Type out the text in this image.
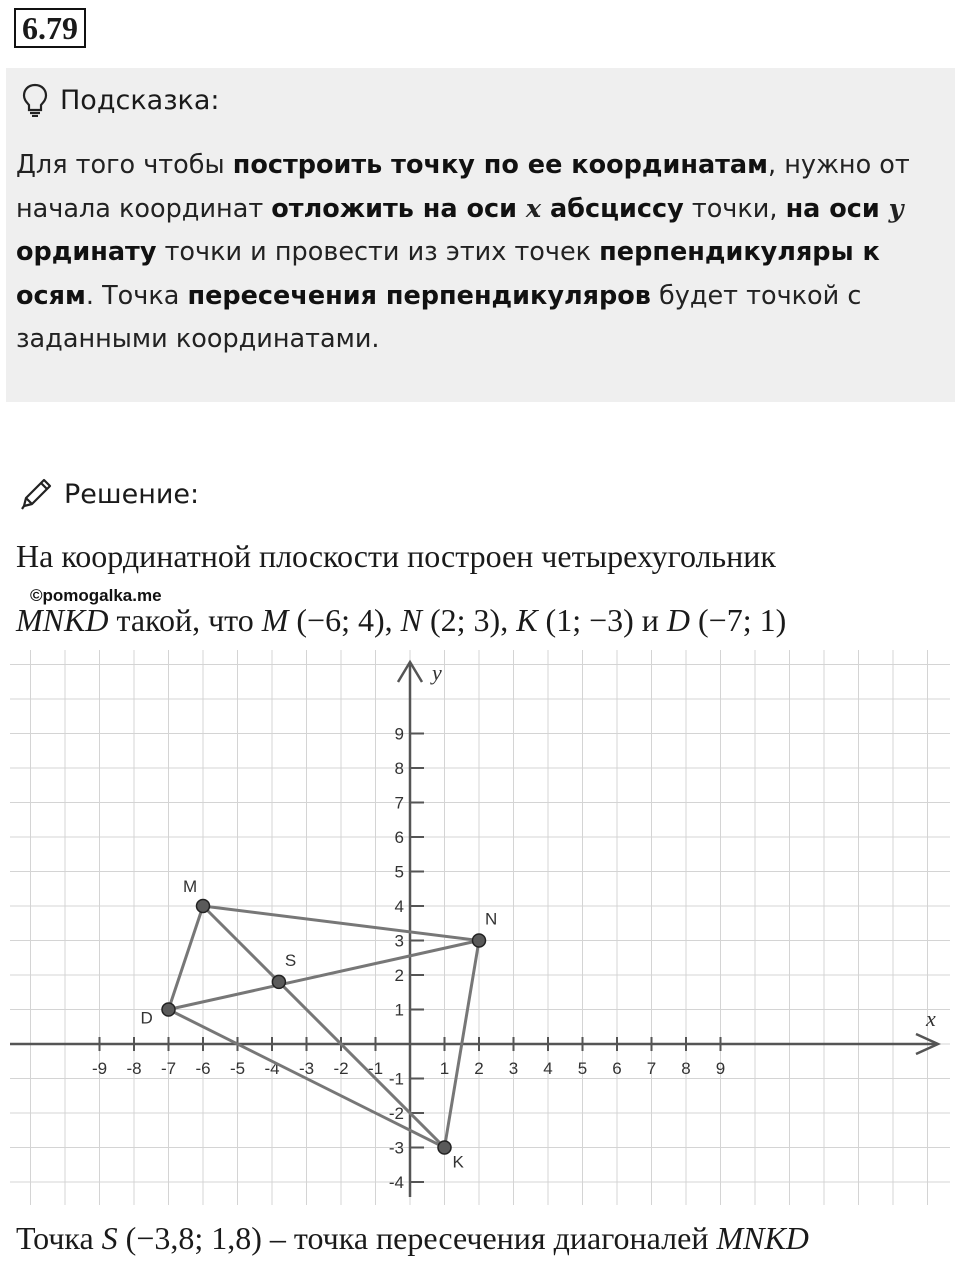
6.79
Подсказка:
Для того чтобы построить точку по ее координатам, нужно от начала координат отложить на оси x абсциссу точки, на оси y ординату точки и провести из этих точек перпендикуляры к осям. Точка пересечения перпендикуляров будет точкой с заданными координатами.
Решение:
На координатной плоскости построен четырехугольник
©pomogalka.me
MNKD такой, что M (−6; 4), N (2; 3), K (1; −3) и D (−7; 1)
x
y
-9 -8 -7 -6 -5 -4 -3 -2 -1	1 2 3 4 5 6 7 8 9
-4
-3
-2
-1
1
2
3
4
5
6
7
8
9
M
N
K
D
S
Точка S (−3,8; 1,8) – точка пересечения диагоналей MNKD
